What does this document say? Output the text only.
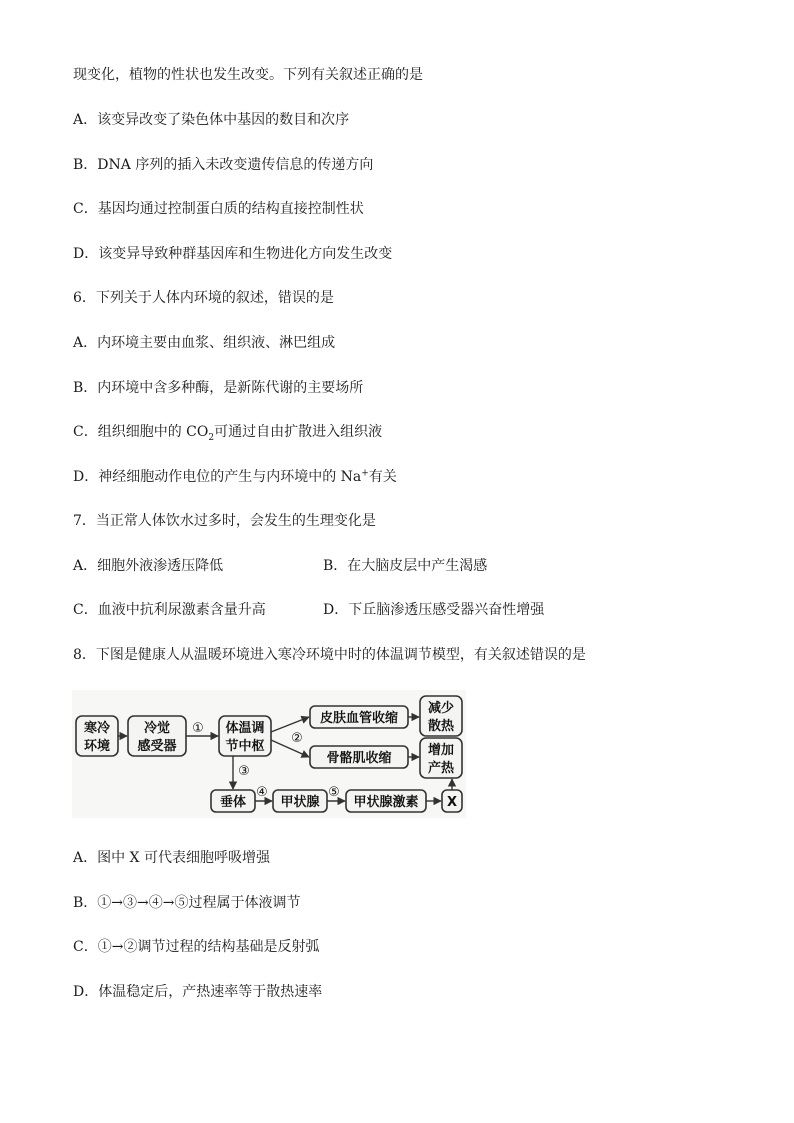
现变化，植物的性状也发生改变。下列有关叙述正确的是
A．该变异改变了染色体中基因的数目和次序
B．DNA 序列的插入未改变遗传信息的传递方向
C．基因均通过控制蛋白质的结构直接控制性状
D．该变异导致种群基因库和生物进化方向发生改变
6．下列关于人体内环境的叙述，错误的是
A．内环境主要由血浆、组织液、淋巴组成
B．内环境中含多种酶，是新陈代谢的主要场所
C．组织细胞中的 $CO_2$可通过自由扩散进入组织液
D．神经细胞动作电位的产生与内环境中的 Na+有关
7．当正常人体饮水过多时，会发生的生理变化是
A．细胞外液渗透压降低	B．在大脑皮层中产生渴感
C．血液中抗利尿激素含量升高	D．下丘脑渗透压感受器兴奋性增强
8．下图是健康人从温暖环境进入寒冷环境中时的体温调节模型，有关叙述错误的是
寒冷
环境
冷觉
感受器
体温调
节中枢
皮肤血管收缩
骨骼肌收缩
减少
散热
增加
产热
垂体	甲状腺	甲状腺激素 X
①
②
③
④	⑤
A．图中 X 可代表细胞呼吸增强
B．①→③→④→⑤过程属于体液调节
C．①→②调节过程的结构基础是反射弧
D．体温稳定后，产热速率等于散热速率
